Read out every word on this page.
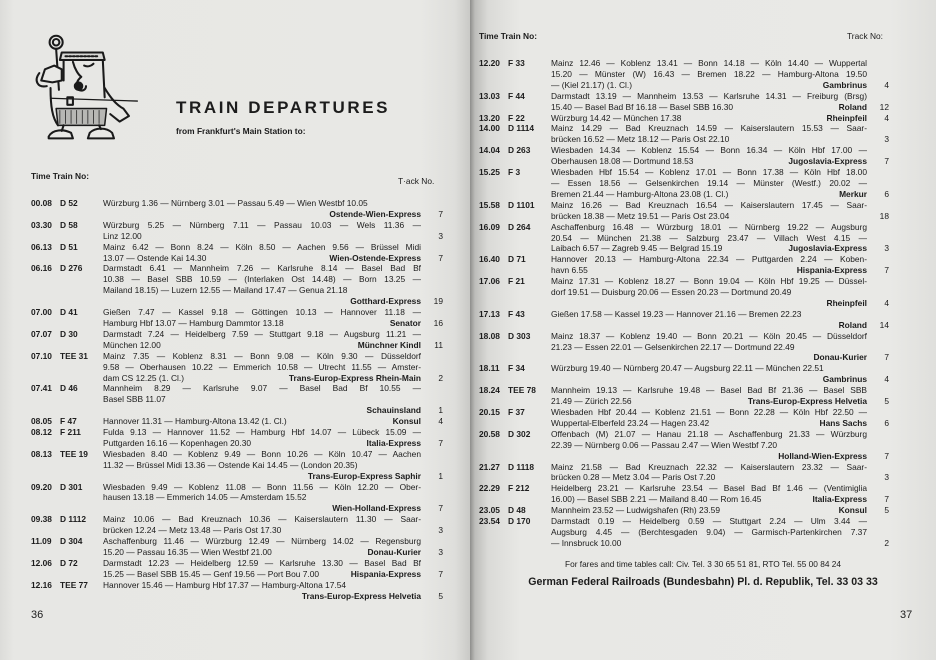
TRAIN DEPARTURES
from Frankfurt's Main Station to:
Time Train No:	T·ack No.
00.08 D 52	Würzburg 1.36 — Nürnberg 3.01 — Passau 5.49 — Wien Westbf 10.05
Ostende-Wien-Express	7
03.30 D 58	Würzburg 5.25 — Nürnberg 7.11 — Passau 10.03 — Wels 11.36 —
Linz 12.00	3
06.13 D 51	Mainz 6.42 — Bonn 8.24 — Köln 8.50 — Aachen 9.56 — Brüssel Midi
13.07 — Ostende Kai 14.30	Wien-Ostende-Express	7
06.16 D 276	Darmstadt 6.41 — Mannheim 7.26 — Karlsruhe 8.14 — Basel Bad Bf
10.38 — Basel SBB 10.59 — (Interlaken Ost 14.48) — Born 13.25 —
Mailand 18.15) — Luzern 12.55 — Mailand 17.47 — Genua 21.18
Gotthard-Express	19
07.00 D 41	Gießen 7.47 — Kassel 9.18 — Göttingen 10.13 — Hannover 11.18 —
Hamburg Hbf 13.07 — Hamburg Dammtor 13.18	Senator	16
07.07 D 30	Darmstadt 7.24 — Heidelberg 7.59 — Stuttgart 9.18 — Augsburg 11.21 —
München 12.00	Münchner Kindl	11
07.10 TEE 31	Mainz 7.35 — Koblenz 8.31 — Bonn 9.08 — Köln 9.30 — Düsseldorf
9.58 — Oberhausen 10.22 — Emmerich 10.58 — Utrecht 11.55 — Amster-
dam CS 12.25 (1. Cl.)	Trans-Europ-Express Rhein-Main	2
07.41 D 46	Mannheim 8.29 — Karlsruhe 9.07 — Basel Bad Bf 10.55 —
Basel SBB 11.07
Schauinsland	1
08.05 F 47	Hannover 11.31 — Hamburg-Altona 13.42 (1. Cl.)	Konsul	4
08.12 F 211	Fulda 9.13 — Hannover 11.52 — Hamburg Hbf 14.07 — Lübeck 15.09 —
Puttgarden 16.16 — Kopenhagen 20.30	Italia-Express	7
08.13 TEE 19	Wiesbaden 8.40 — Koblenz 9.49 — Bonn 10.26 — Köln 10.47 — Aachen
11.32 — Brüssel Midi 13.36 — Ostende Kai 14.45 — (London 20.35)
Trans-Europ-Express Saphir	1
09.20 D 301	Wiesbaden 9.49 — Koblenz 11.08 — Bonn 11.56 — Köln 12.20 — Ober-
hausen 13.18 — Emmerich 14.05 — Amsterdam 15.52
Wien-Holland-Express	7
09.38 D 1112	Mainz 10.06 — Bad Kreuznach 10.36 — Kaiserslautern 11.30 — Saar-
brücken 12.24 — Metz 13.48 — Paris Ost 17.30	3
11.09	D 304	Aschaffenburg 11.46 — Würzburg 12.49 — Nürnberg 14.02 — Regensburg
15.20 — Passau 16.35 — Wien Westbf 21.00	Donau-Kurier	3
12.06 D 72	Darmstadt 12.23 — Heidelberg 12.59 — Karlsruhe 13.30 — Basel Bad Bf
15.25 — Basel SBB 15.45 — Genf 19.56 — Port Bou 7.00	Hispania-Express	7
12.16 TEE 77	Hannover 15.46 — Hamburg Hbf 17.37 — Hamburg-Altona 17.54
Trans-Europ-Express Helvetia	5
36
Time Train No:	Track No:
12.20 F 33	Mainz 12.46 — Koblenz 13.41 — Bonn 14.18 — Köln 14.40 — Wuppertal
15.20 — Münster (W) 16.43 — Bremen 18.22 — Hamburg-Altona 19.50
— (Kiel 21.17) (1. Cl.)	Gambrinus	4
13.03 F 44	Darmstadt 13.19 — Mannheim 13.53 — Karlsruhe 14.31 — Freiburg (Brsg)
15.40 — Basel Bad Bf 16.18 — Basel SBB 16.30	Roland	12
13.20 F 22	Würzburg 14.42 — München 17.38	Rheinpfeil	4
14.00 D 1114	Mainz 14.29 — Bad Kreuznach 14.59 — Kaiserslautern 15.53 — Saar-
brücken 16.52 — Metz 18.12 — Paris Ost 22.10	3
14.04 D 263	Wiesbaden 14.34 — Koblenz 15.54 — Bonn 16.34 — Köln Hbf 17.00 —
Oberhausen 18.08 — Dortmund 18.53	Jugoslavia-Express	7
15.25 F 3	Wiesbaden Hbf 15.54 — Koblenz 17.01 — Bonn 17.38 — Köln Hbf 18.00
— Essen 18.56 — Gelsenkirchen 19.14 — Münster (Westf.) 20.02 —
Bremen 21.44 — Hamburg-Altona 23.08 (1. Cl.)	Merkur	6
15.58 D 1101	Mainz 16.26 — Bad Kreuznach 16.54 — Kaiserslautern 17.45 — Saar-
brücken 18.38 — Metz 19.51 — Paris Ost 23.04	18
16.09 D 264	Aschaffenburg 16.48 — Würzburg 18.01 — Nürnberg 19.22 — Augsburg
20.54 — München 21.38 — Salzburg 23.47 — Villach West 4.15 —
Laibach 6.57 — Zagreb 9.45 — Belgrad 15.19	Jugoslavia-Express	3
16.40 D 71	Hannover 20.13 — Hamburg-Altona 22.34 — Puttgarden 2.24 — Koben-
havn 6.55	Hispania-Express	7
17.06 F 21	Mainz 17.31 — Koblenz 18.27 — Bonn 19.04 — Köln Hbf 19.25 — Düssel-
dorf 19.51 — Duisburg 20.06 — Essen 20.23 — Dortmund 20.49
Rheinpfeil	4
17.13 F 43	Gießen 17.58 — Kassel 19.23 — Hannover 21.16 — Bremen 22.23
Roland	14
18.08 D 303	Mainz 18.37 — Koblenz 19.40 — Bonn 20.21 — Köln 20.45 — Düsseldorf
21.23 — Essen 22.01 — Gelsenkirchen 22.17 — Dortmund 22.49
Donau-Kurier	7
18.11	F 34	Würzburg 19.40 — Nürnberg 20.47 — Augsburg 22.11 — München 22.51
Gambrinus	4
18.24 TEE 78	Mannheim 19.13 — Karlsruhe 19.48 — Basel Bad Bf 21.36 — Basel SBB
21.49 — Zürich 22.56	Trans-Europ-Express Helvetia	5
20.15 F 37	Wiesbaden Hbf 20.44 — Koblenz 21.51 — Bonn 22.28 — Köln Hbf 22.50 —
Wuppertal-Elberfeld 23.24 — Hagen 23.42	Hans Sachs	6
20.58 D 302	Offenbach (M) 21.07 — Hanau 21.18 — Aschaffenburg 21.33 — Würzburg
22.39 — Nürnberg 0.06 — Passau 2.47 — Wien Westbf 7.20
Holland-Wien-Express	7
21.27 D 1118	Mainz 21.58 — Bad Kreuznach 22.32 — Kaiserslautern 23.32 — Saar-
brücken 0.28 — Metz 3.04 — Paris Ost 7.20	3
22.29 F 212	Heidelberg 23.21 — Karlsruhe 23.54 — Basel Bad Bf 1.46 — (Ventimiglia
16.00) — Basel SBB 2.21 — Mailand 8.40 — Rom 16.45	Italia-Express	7
23.05 D 48	Mannheim 23.52 — Ludwigshafen (Rh) 23.59	Konsul	5
23.54 D 170	Darmstadt 0.19 — Heidelberg 0.59 — Stuttgart 2.24 — Ulm 3.44 —
Augsburg 4.45 — (Berchtesgaden 9.04) — Garmisch-Partenkirchen 7.37
— Innsbruck 10.00	2
For fares and time tables call: Civ. Tel. 3 30 65 51 81, RTO Tel. 55 00 84 24
German Federal Railroads (Bundesbahn) Pl. d. Republik, Tel. 33 03 33
37
